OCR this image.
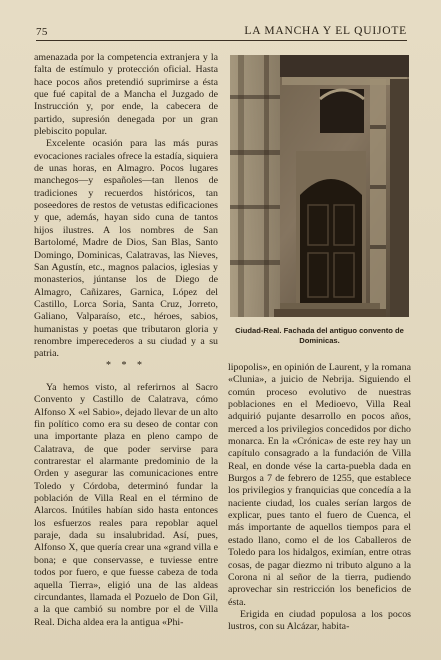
75	LA MANCHA Y EL QUIJOTE

amenazada por la competencia extranjera y la falta de estímulo y protección oficial. Hasta hace pocos años pretendió suprimirse a ésta que fué capital de a Mancha el Juzgado de Instrucción y, por ende, la cabecera de partido, supresión denegada por un gran plebiscito popular.

Excelente ocasión para las más puras evocaciones raciales ofrece la estadía, siquiera de unas horas, en Almagro. Pocos lugares manchegos—y españoles—tan llenos de tradiciones y recuerdos históricos, tan poseedores de restos de vetustas edificaciones y que, además, hayan sido cuna de tantos hijos ilustres. A los nombres de San Bartolomé, Madre de Dios, San Blas, Santo Domingo, Dominicas, Calatravas, las Nieves, San Agustín, etc., magnos palacios, iglesias y monasterios, júntanse los de Diego de Almagro, Cañizares, Garnica, López del Castillo, Lorca Soria, Santa Cruz, Jorreto, Galiano, Valparaíso, etc., héroes, sabios, humanistas y poetas que tributaron gloria y renombre imperecederos a su ciudad y a su patria.

* * *

Ya hemos visto, al referirnos al Sacro Convento y Castillo de Calatrava, cómo Alfonso X «el Sabio», dejado llevar de un alto fin político como era su deseo de contar con una importante plaza en pleno campo de Calatrava, de que poder servirse para contrarestar el alarmante predominio de la Orden y asegurar las comunicaciones entre Toledo y Córdoba, determinó fundar la población de Villa Real en el término de Alarcos. Inútiles habían sido hasta entonces los esfuerzos reales para repoblar aquel paraje, dada su insalubridad. Así, pues, Alfonso X, que quería crear una «grand villa e bona; e que conservasse, e tuviesse entre todos por fuero, e que fuesse cabeza de toda aquella Tierra», eligió una de las aldeas circundantes, llamada el Pozuelo de Don Gil, a la que cambió su nombre por el de Villa Real. Dicha aldea era la antigua «Phi-

Ciudad-Real. Fachada del antiguo convento de Dominicas.

lipopolis», en opinión de Laurent, y la romana «Clunia», a juicio de Nebrija. Siguiendo el común proceso evolutivo de nuestras poblaciones en el Medioevo, Villa Real adquirió pujante desarrollo en pocos años, merced a los privilegios concedidos por dicho monarca. En la «Crónica» de este rey hay un capítulo consagrado a la fundación de Villa Real, en donde vése la carta-puebla dada en Burgos a 7 de febrero de 1255, que establece los privilegios y franquicias que concedía a la naciente ciudad, los cuales serían largos de explicar, pues tanto el fuero de Cuenca, el más importante de aquellos tiempos para el estado llano, como el de los Caballeros de Toledo para los hidalgos, eximían, entre otras cosas, de pagar diezmo ni tributo alguno a la Corona ni al señor de la tierra, pudiendo aprovechar sin restricción los beneficios de ésta.

Erigida en ciudad populosa a los pocos lustros, con su Alcázar, habita-
